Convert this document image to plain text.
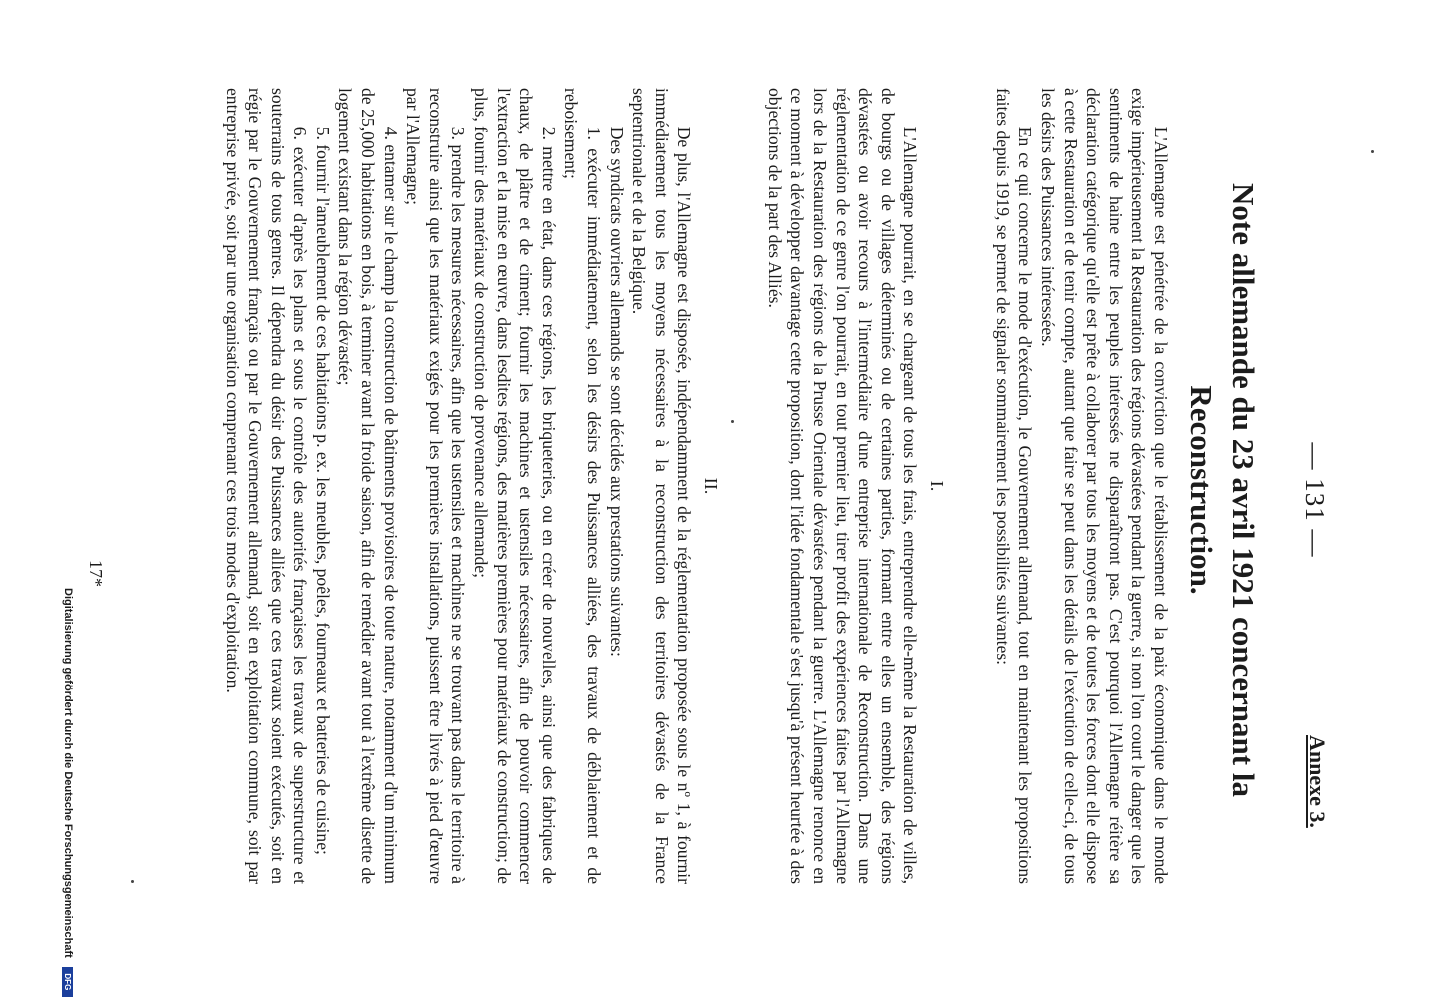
— 131 —
Annexe 3.
Note allemande du 23 avril 1921 concernant la Reconstruction.

L'Allemagne est pénétrée de la conviction que le rétablissement de la paix économique dans le monde exige impérieusement la Restauration des régions dévastées pendant la guerre, si non l'on court le danger que les sentiments de haine entre les peuples intéressés ne disparaîtront pas. C'est pourquoi l'Allemagne réitère sa déclaration catégorique qu'elle est prête à collaborer par tous les moyens et de toutes les forces dont elle dispose à cette Restauration et de tenir compte, autant que faire se peut dans les détails de l'exécution de celle-ci, de tous les désirs des Puissances intéressées.

En ce qui concerne le mode d'exécution, le Gouvernement allemand, tout en maintenant les propositions faites depuis 1919, se permet de signaler sommairement les possibilités suivantes:

I.

L'Allemagne pourrait, en se chargeant de tous les frais, entreprendre elle-même la Restauration de villes, de bourgs ou de villages déterminés ou de certaines parties, formant entre elles un ensemble, des régions dévastées ou avoir recours à l'intermédiaire d'une entreprise internationale de Reconstruction. Dans une réglementation de ce genre l'on pourrait, en tout premier lieu, tirer profit des expériences faites par l'Allemagne lors de la Restauration des régions de la Prusse Orientale dévastées pendant la guerre. L'Allemagne renonce en ce moment à développer davantage cette proposition, dont l'idée fondamentale s'est jusqu'à présent heurtée à des objections de la part des Alliés.

II.

De plus, l'Allemagne est disposée, indépendamment de la réglementation proposée sous le nº 1, à fournir immédiatement tous les moyens nécessaires à la reconstruction des territoires dévastés de la France septentrionale et de la Belgique.

Des syndicats ouvriers allemands se sont décidés aux prestations suivantes:

1. exécuter immédiatement, selon les désirs des Puissances alliées, des travaux de déblaiement et de reboisement;

2. mettre en état, dans ces régions, les briqueteries, ou en créer de nouvelles, ainsi que des fabriques de chaux, de plâtre et de ciment; fournir les machines et ustensiles nécessaires, afin de pouvoir commencer l'extraction et la mise en œuvre, dans lesdites régions, des matières premières pour matériaux de construction; de plus, fournir des matériaux de construction de provenance allemande;

3. prendre les mesures nécessaires, afin que les ustensiles et machines ne se trouvant pas dans le territoire à reconstruire ainsi que les matériaux exigés pour les premières installations, puissent être livrés à pied d'œuvre par l'Allemagne;

4. entamer sur le champ la construction de bâtiments provisoires de toute nature, notamment d'un minimum de 25,000 habitations en bois, à terminer avant la froide saison, afin de remédier avant tout à l'extrême disette de logement existant dans la région dévastée;

5. fournir l'ameublement de ces habitations p. ex. les meubles, poêles, fourneaux et batteries de cuisine;

6. exécuter d'après les plans et sous le contrôle des autorités françaises les travaux de superstructure et souterrains de tous genres. Il dépendra du désir des Puissances alliées que ces travaux soient exécutés, soit en régie par le Gouvernement français ou par le Gouvernement allemand, soit en exploitation commune, soit par entreprise privée, soit par une organisation comprenant ces trois modes d'exploitation.

17*
Digitalisierung gefördert durch die Deutsche Forschungsgemeinschaft DFG
